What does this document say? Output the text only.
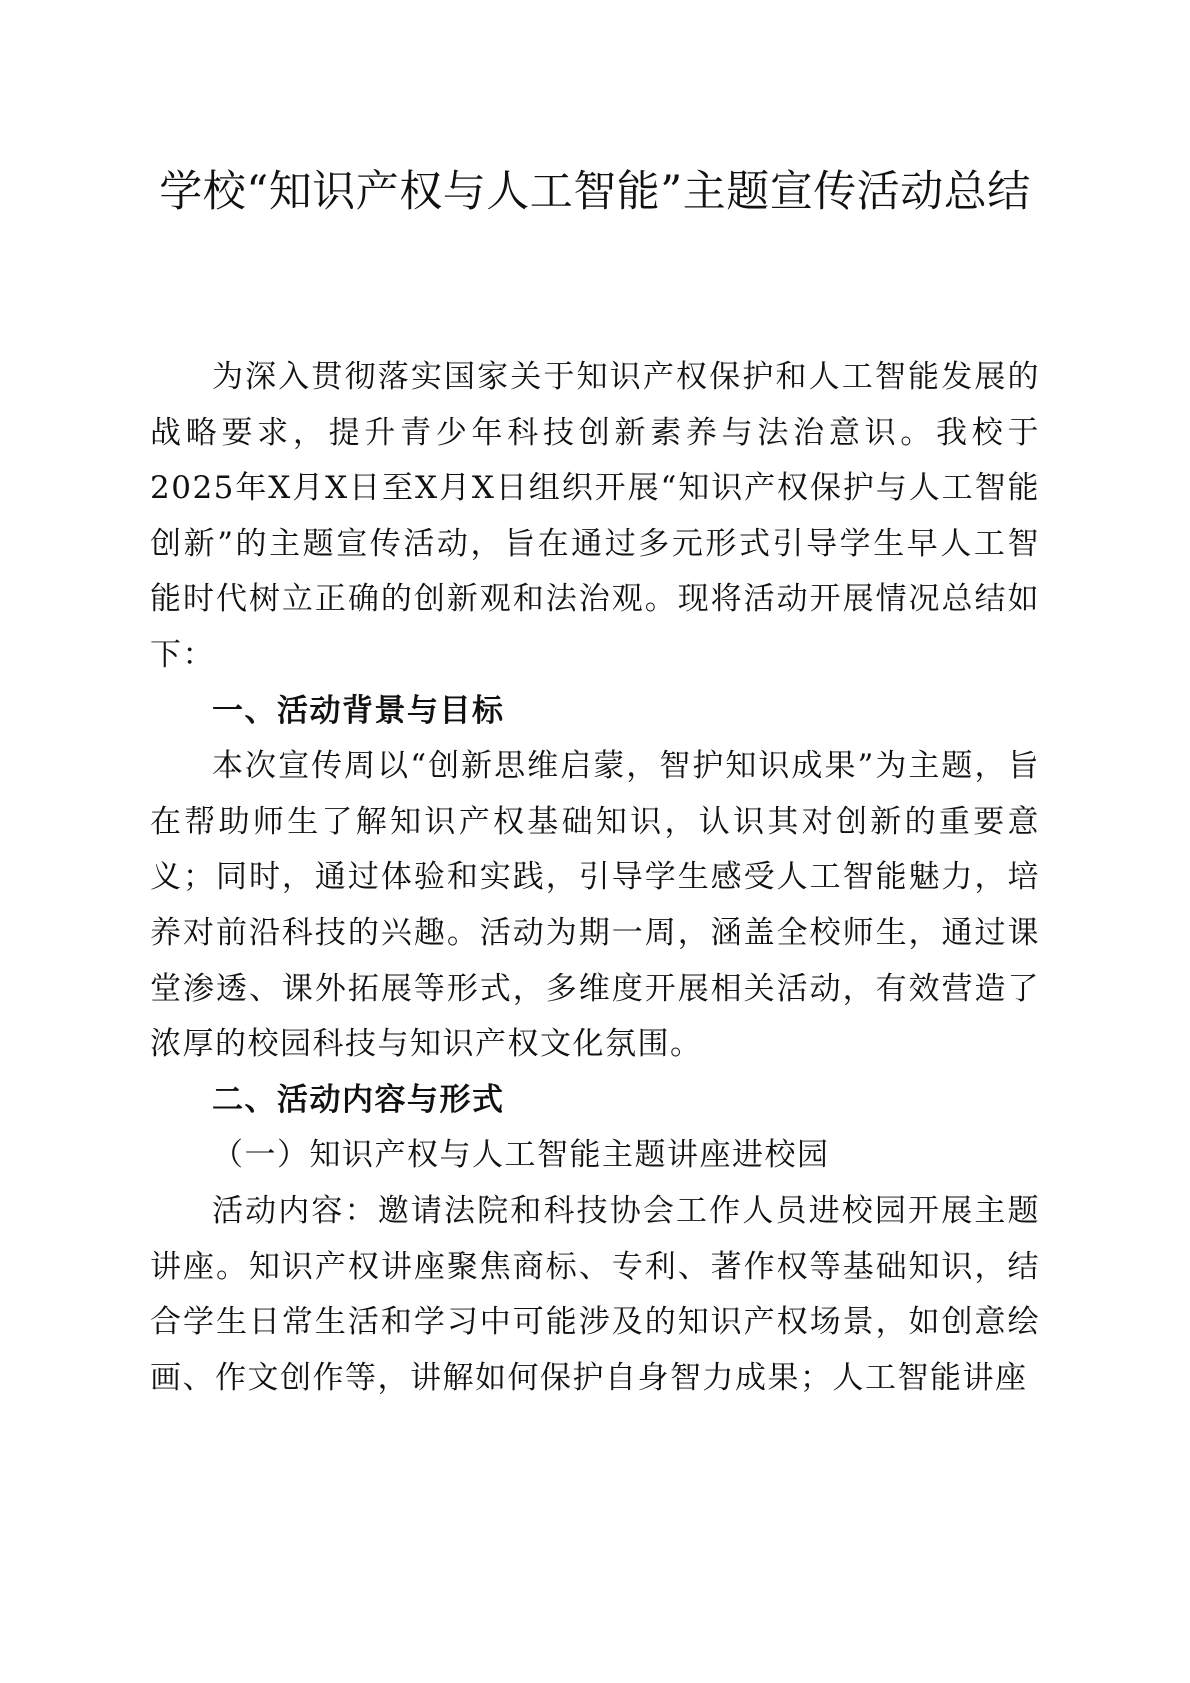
学校“知识产权与人工智能”主题宣传活动总结

为深入贯彻落实国家关于知识产权保护和人工智能发展的战略要求，提升青少年科技创新素养与法治意识。我校于2025年X月X日至X月X日组织开展“知识产权保护与人工智能创新”的主题宣传活动，旨在通过多元形式引导学生早人工智能时代树立正确的创新观和法治观。现将活动开展情况总结如下：

一、活动背景与目标

本次宣传周以“创新思维启蒙，智护知识成果”为主题，旨在帮助师生了解知识产权基础知识，认识其对创新的重要意义；同时，通过体验和实践，引导学生感受人工智能魅力，培养对前沿科技的兴趣。活动为期一周，涵盖全校师生，通过课堂渗透、课外拓展等形式，多维度开展相关活动，有效营造了浓厚的校园科技与知识产权文化氛围。

二、活动内容与形式

（一）知识产权与人工智能主题讲座进校园

活动内容：邀请法院和科技协会工作人员进校园开展主题讲座。知识产权讲座聚焦商标、专利、著作权等基础知识，结合学生日常生活和学习中可能涉及的知识产权场景，如创意绘画、作文创作等，讲解如何保护自身智力成果；人工智能讲座
